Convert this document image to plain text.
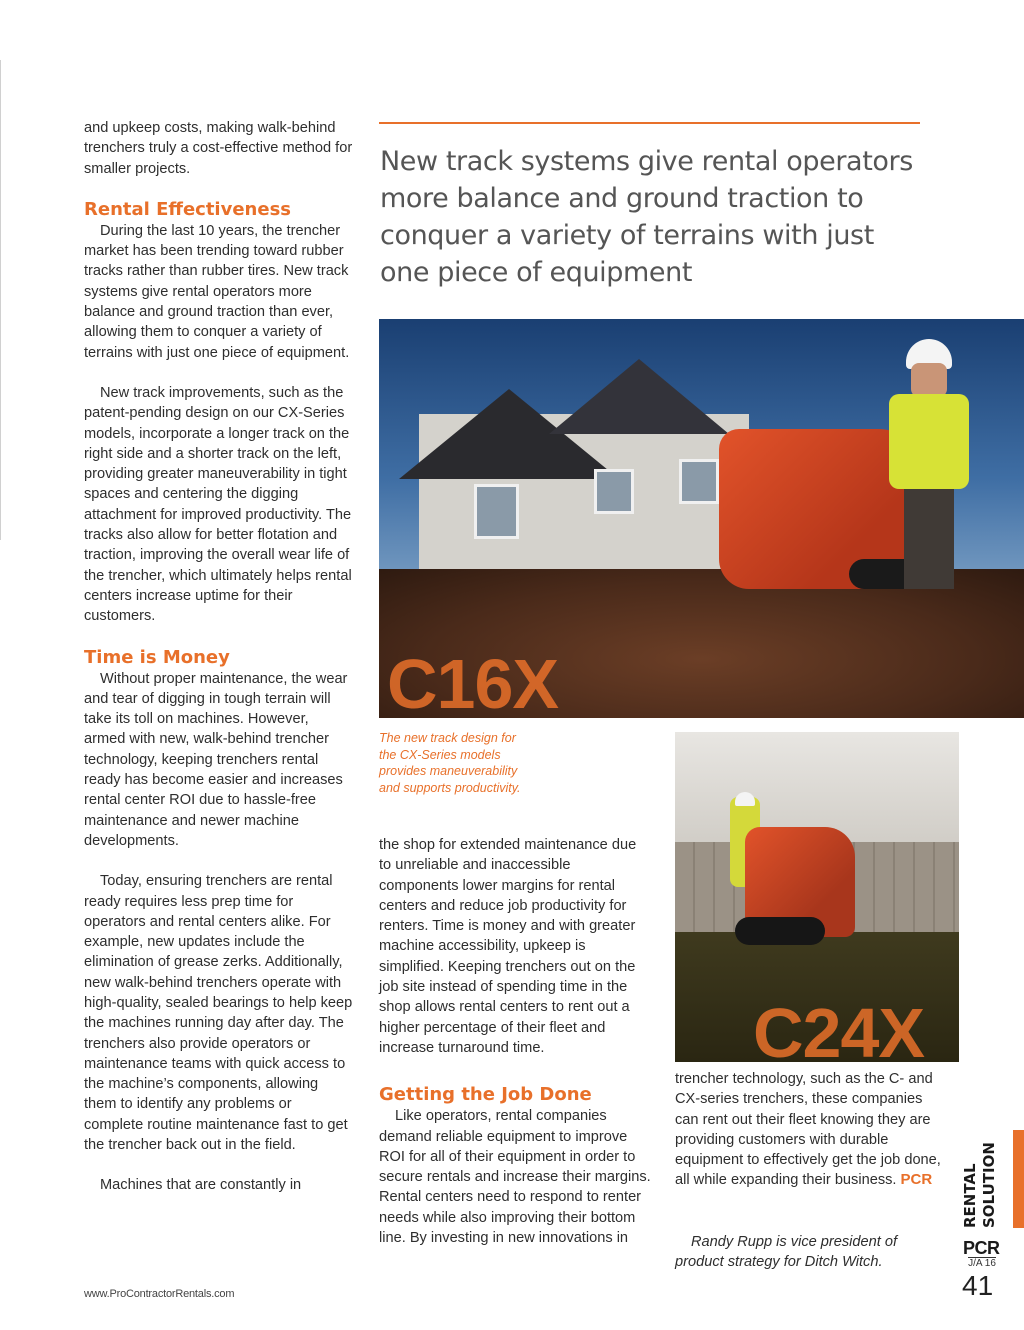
and upkeep costs, making walk-behind trenchers truly a cost-effective method for smaller projects.

Rental Effectiveness

During the last 10 years, the trencher market has been trending toward rubber tracks rather than rubber tires. New track systems give rental operators more balance and ground traction than ever, allowing them to conquer a variety of terrains with just one piece of equipment.

New track improvements, such as the patent-pending design on our CX-Series models, incorporate a longer track on the right side and a shorter track on the left, providing greater maneuverability in tight spaces and centering the digging attachment for improved productivity. The tracks also allow for better flotation and traction, improving the overall wear life of the trencher, which ultimately helps rental centers increase uptime for their customers.

Time is Money

Without proper maintenance, the wear and tear of digging in tough terrain will take its toll on machines. However, armed with new, walk-behind trencher technology, keeping trenchers rental ready has become easier and increases rental center ROI due to hassle-free maintenance and newer machine developments.

Today, ensuring trenchers are rental ready requires less prep time for operators and rental centers alike. For example, new updates include the elimination of grease zerks. Additionally, new walk-behind trenchers operate with high-quality, sealed bearings to help keep the machines running day after day. The trenchers also provide operators or maintenance teams with quick access to the machine’s components, allowing them to identify any problems or complete routine maintenance fast to get the trencher back out in the field.

Machines that are constantly in

New track systems give rental operators more balance and ground traction to conquer a variety of terrains with just one piece of equipment
C16X
The new track design for the CX-Series models provides maneuverability and supports productivity.
C24X

the shop for extended maintenance due to unreliable and inaccessible components lower margins for rental centers and reduce job productivity for renters. Time is money and with greater machine accessibility, upkeep is simplified. Keeping trenchers out on the job site instead of spending time in the shop allows rental centers to rent out a higher percentage of their fleet and increase turnaround time.

Getting the Job Done

Like operators, rental companies demand reliable equipment to improve ROI for all of their equipment in order to secure rentals and increase their margins. Rental centers need to respond to renter needs while also improving their bottom line. By investing in new innovations in

trencher technology, such as the C- and CX-series trenchers, these companies can rent out their fleet knowing they are providing customers with durable equipment to effectively get the job done, all while expanding their business. PCR

Randy Rupp is vice president of product strategy for Ditch Witch.
www.ProContractorRentals.com
RENTAL SOLUTION
PCR
J/A 16
41
